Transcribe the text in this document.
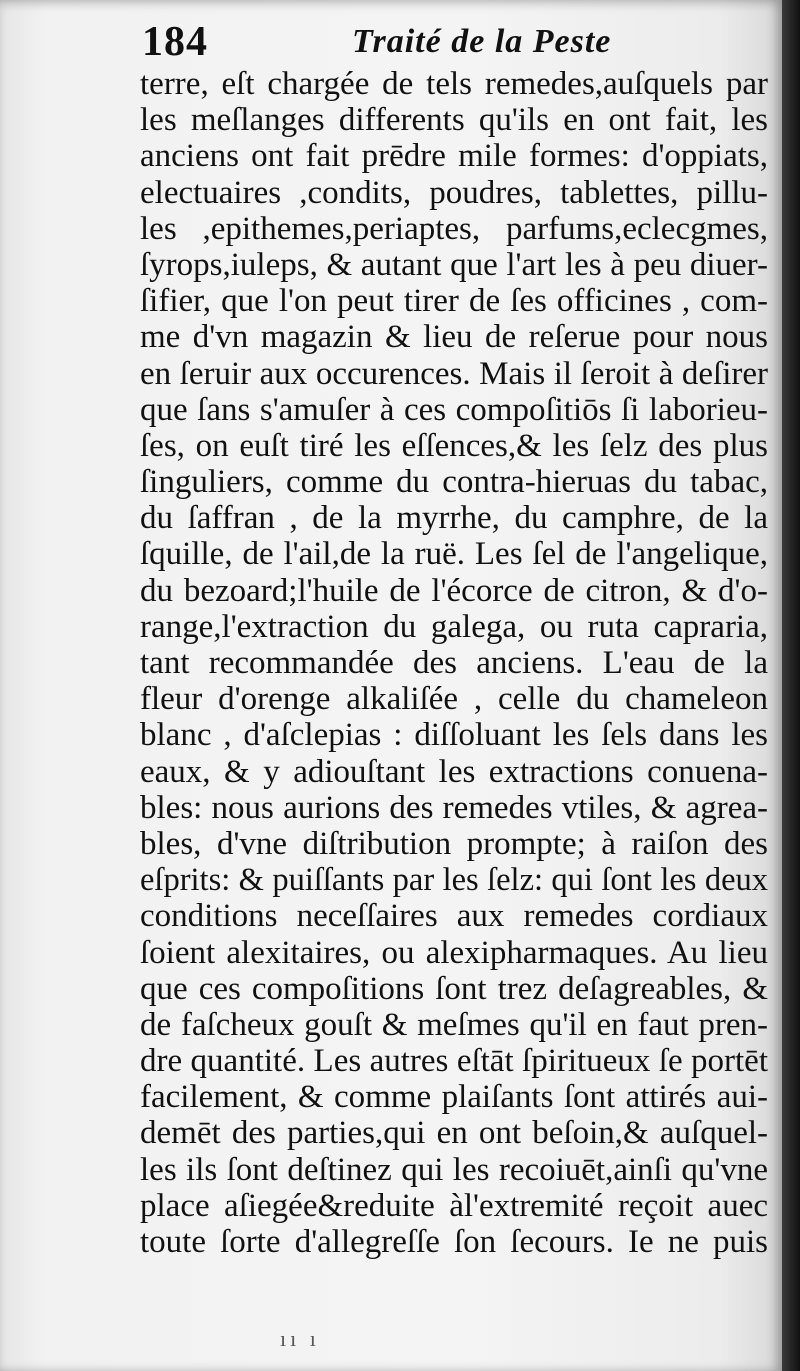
184	Traité de la Peste
terre, eſt chargée de tels remedes,auſquels par
les meſlanges differents qu'ils en ont fait, les
anciens ont fait prēdre mile formes: d'oppiats,
electuaires ,condits, poudres, tablettes, pillu-
les ,epithemes,periaptes, parfums,eclecgmes,
ſyrops,iuleps, & autant que l'art les à peu diuer-
ſifier, que l'on peut tirer de ſes officines , com-
me d'vn magazin & lieu de reſerue pour nous
en ſeruir aux occurences. Mais il ſeroit à deſirer
que ſans s'amuſer à ces compoſitiōs ſi laborieu-
ſes, on euſt tiré les eſſences,& les ſelz des plus
ſinguliers, comme du contra-hieruas du tabac,
du ſaffran , de la myrrhe, du camphre, de la
ſquille, de l'ail,de la ruë. Les ſel de l'angelique,
du bezoard;l'huile de l'écorce de citron, & d'o-
range,l'extraction du galega, ou ruta capraria,
tant recommandée des anciens. L'eau de la
fleur d'orenge alkaliſée , celle du chameleon
blanc , d'aſclepias : diſſoluant les ſels dans les
eaux, & y adiouſtant les extractions conuena-
bles: nous aurions des remedes vtiles, & agrea-
bles, d'vne diſtribution prompte; à raiſon des
eſprits: & puiſſants par les ſelz: qui ſont les deux
conditions neceſſaires aux remedes cordiaux
ſoient alexitaires, ou alexipharmaques. Au lieu
que ces compoſitions ſont trez deſagreables, &
de faſcheux gouſt & meſmes qu'il en faut pren-
dre quantité. Les autres eſtāt ſpiritueux ſe portēt
facilement, & comme plaiſants ſont attirés aui-
demēt des parties,qui en ont beſoin,& auſquel-
les ils ſont deſtinez qui les recoiuēt,ainſi qu'vne
place aſiegée&reduite àl'extremité reçoit auec
toute ſorte d'allegreſſe ſon ſecours. Ie ne puis
ıı ı
